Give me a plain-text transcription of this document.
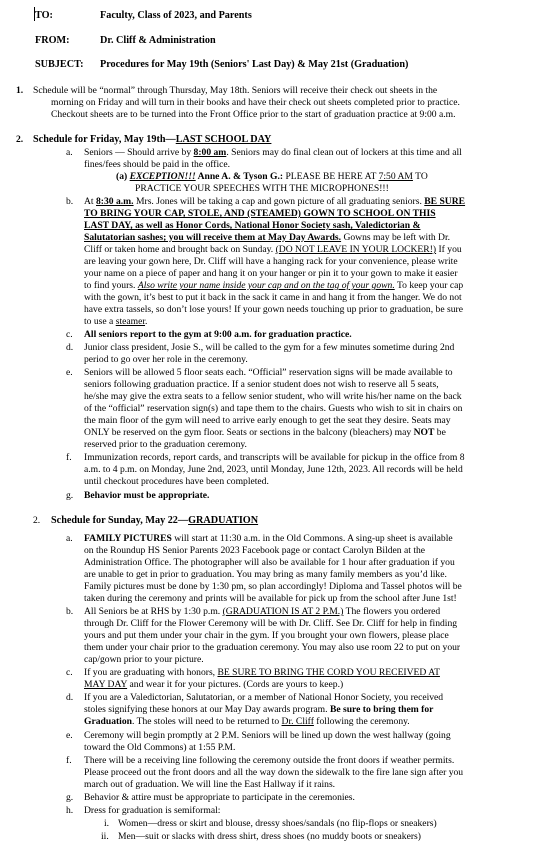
TO:	Faculty, Class of 2023, and Parents
FROM:	Dr. Cliff & Administration
SUBJECT: Procedures for May 19th (Seniors' Last Day) & May 21st (Graduation)
1. Schedule will be “normal” through Thursday, May 18th. Seniors will receive their check out sheets in the
morning on Friday and will turn in their books and have their check out sheets completed prior to practice.
Checkout sheets are to be turned into the Front Office prior to the start of graduation practice at 9:00 a.m.
2. Schedule for Friday, May 19th—LAST SCHOOL DAY
a. Seniors — Should arrive by 8:00 am. Seniors may do final clean out of lockers at this time and all
fines/fees should be paid in the office.
(a) EXCEPTION!!! Anne A. & Tyson G.: PLEASE BE HERE AT 7:50 AM TO
PRACTICE YOUR SPEECHES WITH THE MICROPHONES!!!
b. At 8:30 a.m. Mrs. Jones will be taking a cap and gown picture of all graduating seniors. BE SURE
TO BRING YOUR CAP, STOLE, AND (STEAMED) GOWN TO SCHOOL ON THIS
LAST DAY, as well as Honor Cords, National Honor Society sash, Valedictorian &
Salutatorian sashes; you will receive them at May Day Awards. Gowns may be left with Dr.
Cliff or taken home and brought back on Sunday. (DO NOT LEAVE IN YOUR LOCKER!) If you
are leaving your gown here, Dr. Cliff will have a hanging rack for your convenience, please write
your name on a piece of paper and hang it on your hanger or pin it to your gown to make it easier
to find yours. Also write your name inside your cap and on the tag of your gown. To keep your cap
with the gown, it’s best to put it back in the sack it came in and hang it from the hanger. We do not
have extra tassels, so don’t lose yours! If your gown needs touching up prior to graduation, be sure
to use a steamer.
c. All seniors report to the gym at 9:00 a.m. for graduation practice.
d. Junior class president, Josie S., will be called to the gym for a few minutes sometime during 2nd
period to go over her role in the ceremony.
e. Seniors will be allowed 5 floor seats each. “Official” reservation signs will be made available to
seniors following graduation practice. If a senior student does not wish to reserve all 5 seats,
he/she may give the extra seats to a fellow senior student, who will write his/her name on the back
of the “official” reservation sign(s) and tape them to the chairs. Guests who wish to sit in chairs on
the main floor of the gym will need to arrive early enough to get the seat they desire. Seats may
ONLY be reserved on the gym floor. Seats or sections in the balcony (bleachers) may NOT be
reserved prior to the graduation ceremony.
f. Immunization records, report cards, and transcripts will be available for pickup in the office from 8
a.m. to 4 p.m. on Monday, June 2nd, 2023, until Monday, June 12th, 2023. All records will be held
until checkout procedures have been completed.
g. Behavior must be appropriate.
2. Schedule for Sunday, May 22—GRADUATION
a. FAMILY PICTURES will start at 11:30 a.m. in the Old Commons. A sing-up sheet is available
on the Roundup HS Senior Parents 2023 Facebook page or contact Carolyn Bilden at the
Administration Office. The photographer will also be available for 1 hour after graduation if you
are unable to get in prior to graduation. You may bring as many family members as you’d like.
Family pictures must be done by 1:30 pm, so plan accordingly! Diploma and Tassel photos will be
taken during the ceremony and prints will be available for pick up from the school after June 1st!
b. All Seniors be at RHS by 1:30 p.m. (GRADUATION IS AT 2 P.M.) The flowers you ordered
through Dr. Cliff for the Flower Ceremony will be with Dr. Cliff. See Dr. Cliff for help in finding
yours and put them under your chair in the gym. If you brought your own flowers, please place
them under your chair prior to the graduation ceremony. You may also use room 22 to put on your
cap/gown prior to your picture.
c. If you are graduating with honors, BE SURE TO BRING THE CORD YOU RECEIVED AT
MAY DAY and wear it for your pictures. (Cords are yours to keep.)
d. If you are a Valedictorian, Salutatorian, or a member of National Honor Society, you received
stoles signifying these honors at our May Day awards program. Be sure to bring them for
Graduation. The stoles will need to be returned to Dr. Cliff following the ceremony.
e. Ceremony will begin promptly at 2 P.M. Seniors will be lined up down the west hallway (going
toward the Old Commons) at 1:55 P.M.
f. There will be a receiving line following the ceremony outside the front doors if weather permits.
Please proceed out the front doors and all the way down the sidewalk to the fire lane sign after you
march out of graduation. We will line the East Hallway if it rains.
g. Behavior & attire must be appropriate to participate in the ceremonies.
h. Dress for graduation is semiformal:
i. Women—dress or skirt and blouse, dressy shoes/sandals (no flip-flops or sneakers)
ii. Men—suit or slacks with dress shirt, dress shoes (no muddy boots or sneakers)
